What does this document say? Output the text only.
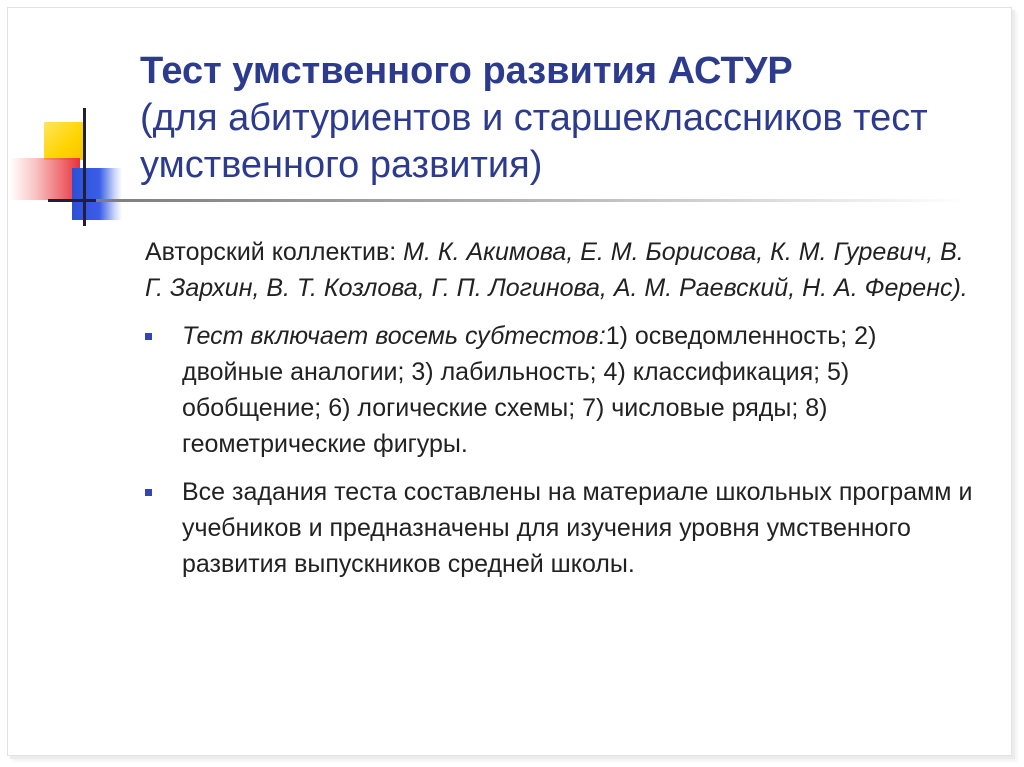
Тест умственного развития АСТУР
(для абитуриентов и старшеклассников тест умственного развития)
Авторский коллектив: М. К. Акимова, Е. М. Борисова, К. М. Гуревич, В. Г. Зархин, В. Т. Козлова, Г. П. Логинова, А. М. Раевский, Н. А. Ференс).
Тест включает восемь субтестов:1) осведомленность; 2) двойные аналогии; 3) лабильность; 4) классификация; 5) обобщение; 6) логические схемы; 7) числовые ряды; 8) геометрические фигуры.
Все задания теста составлены на материале школьных программ и учебников и предназначены для изучения уровня умственного развития выпускников средней школы.
